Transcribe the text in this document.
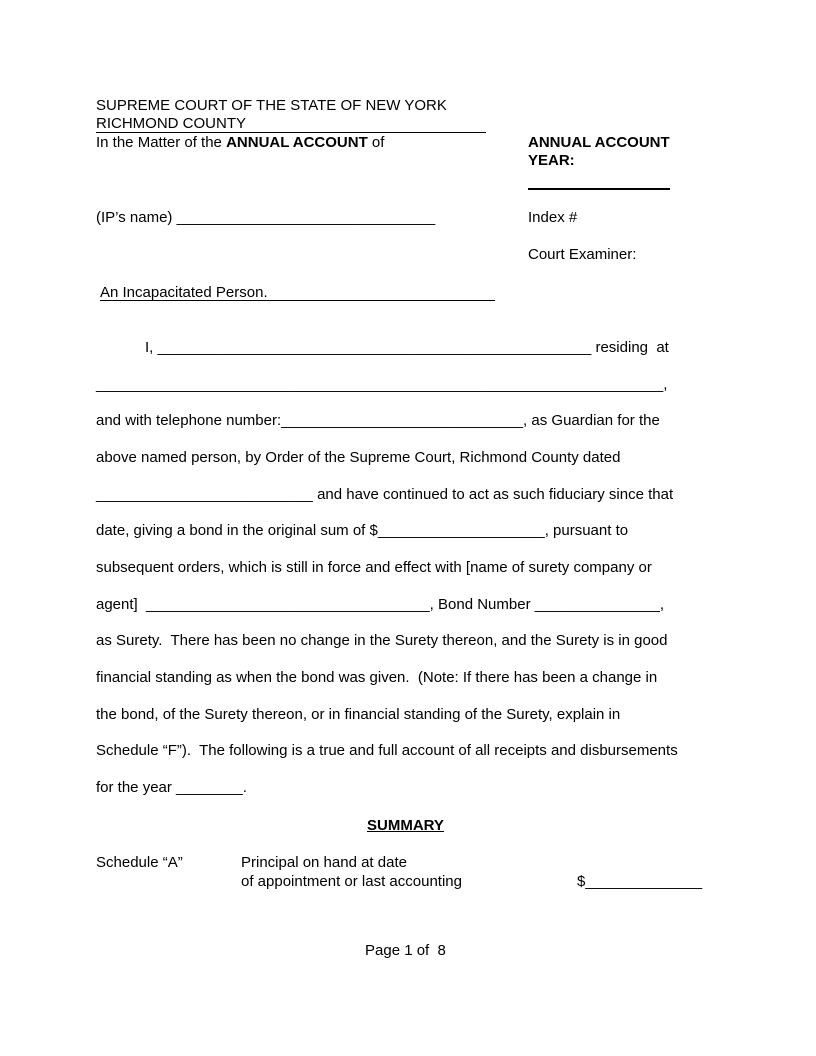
SUPREME COURT OF THE STATE OF NEW YORK
RICHMOND COUNTY
In the Matter of the ANNUAL ACCOUNT of
(IP’s name) _______________________________
An Incapacitated Person.
ANNUAL ACCOUNT
YEAR:
Index #
Court Examiner:
I, ____________________________________________________ residing  at
____________________________________________________________________,
and with telephone number:_____________________________, as Guardian for the
above named person, by Order of the Supreme Court, Richmond County dated
__________________________ and have continued to act as such fiduciary since that
date, giving a bond in the original sum of $____________________, pursuant to
subsequent orders, which is still in force and effect with [name of surety company or
agent]  __________________________________, Bond Number _______________,
as Surety.  There has been no change in the Surety thereon, and the Surety is in good
financial standing as when the bond was given.  (Note: If there has been a change in
the bond, of the Surety thereon, or in financial standing of the Surety, explain in
Schedule “F”).  The following is a true and full account of all receipts and disbursements
for the year ________.
SUMMARY
Schedule “A”	Principal on hand at date
of appointment or last accounting	$______________
Page 1 of  8
